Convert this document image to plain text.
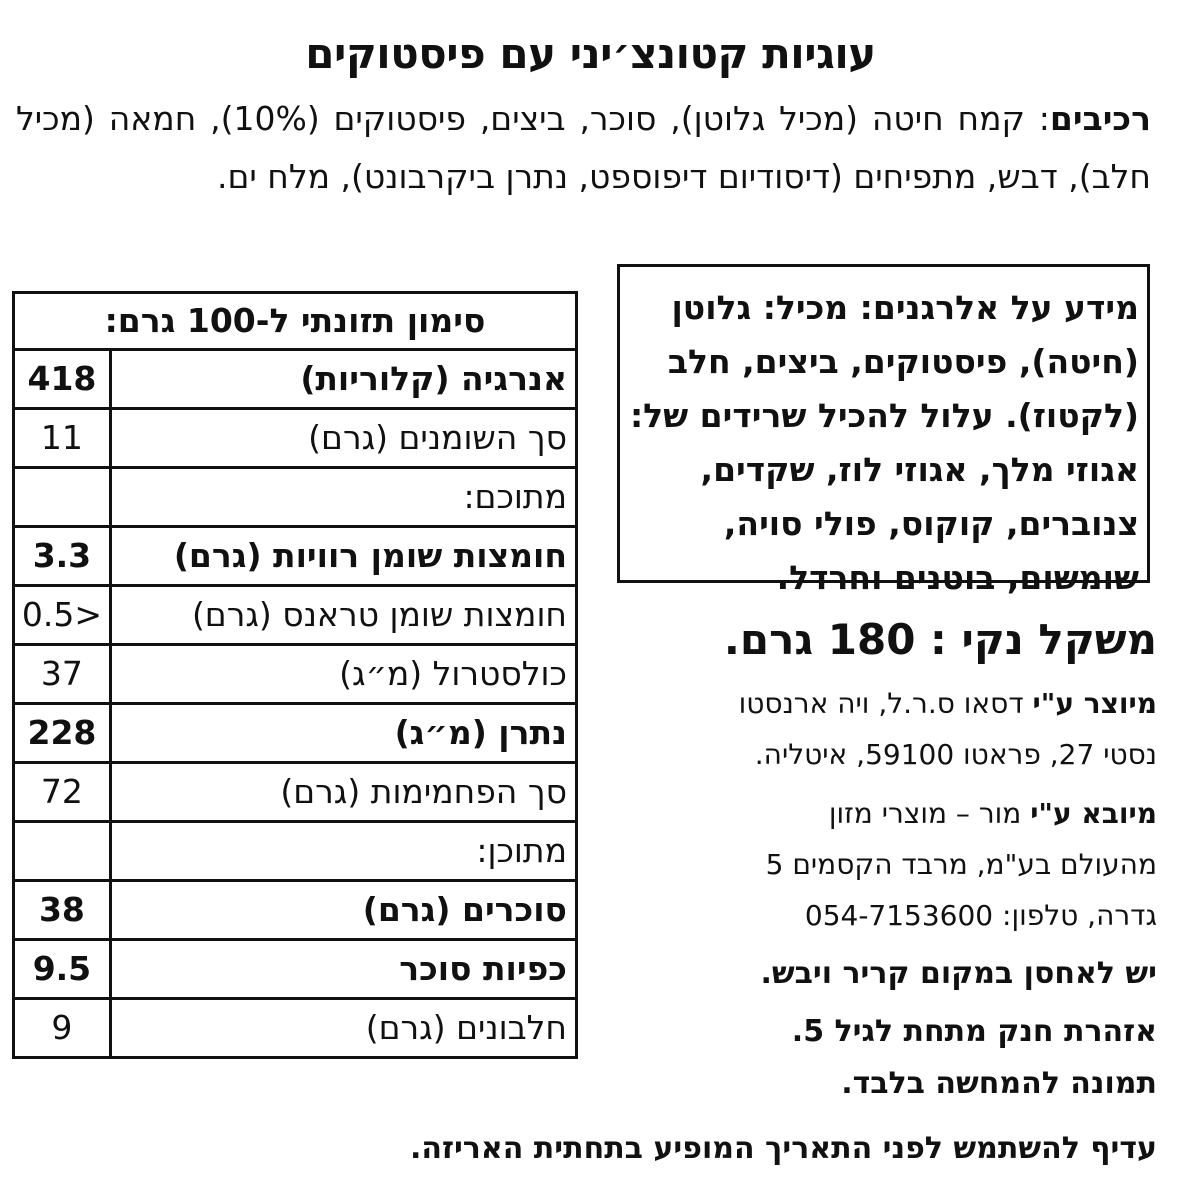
עוגיות קטונצ׳יני עם פיסטוקים
רכיבים: קמח חיטה (מכיל גלוטן), סוכר, ביצים, פיסטוקים (10%), חמאה (מכיל חלב), דבש, מתפיחים (דיסודיום דיפוספט, נתרן ביקרבונט), מלח ים.
סימון תזונתי ל-100 גרם:	
אנרגיה (קלוריות)	418
סך השומנים (גרם)	11
מתוכם:	
חומצות שומן רוויות (גרם)	3.3
חומצות שומן טראנס (גרם)	0.5>
כולסטרול (מ״ג)	37
נתרן (מ״ג)	228
סך הפחמימות (גרם)	72
מתוכן:	
סוכרים (גרם)	38
כפיות סוכר	9.5
חלבונים (גרם)	9
מידע על אלרגנים: מכיל: גלוטן
(חיטה), פיסטוקים, ביצים, חלב
(לקטוז). עלול להכיל שרידים של:
אגוזי מלך, אגוזי לוז, שקדים,
צנוברים, קוקוס, פולי סויה,
שומשום, בוטנים וחרדל.
משקל נקי : 180 גרם.
מיוצר ע"י דסאו ס.ר.ל, ויה ארנסטו
נסטי 27, פראטו 59100, איטליה.
מיובא ע"י מור – מוצרי מזון
מהעולם בע"מ, מרבד הקסמים 5
גדרה, טלפון: 054-7153600
יש לאחסן במקום קריר ויבש.
אזהרת חנק מתחת לגיל 5.
תמונה להמחשה בלבד.
עדיף להשתמש לפני התאריך המופיע בתחתית האריזה.
